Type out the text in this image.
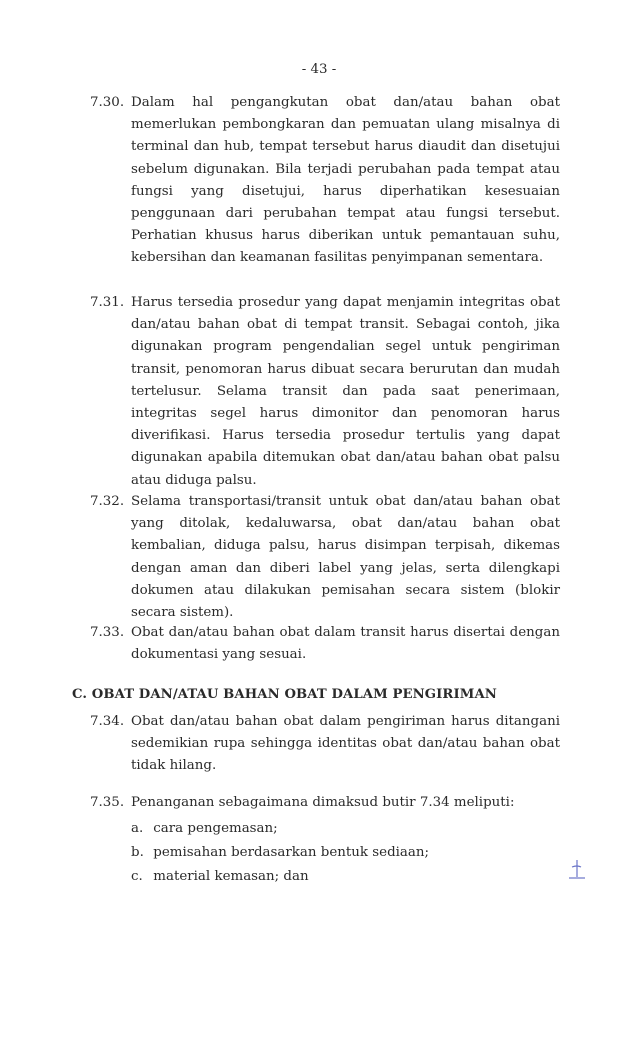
- 43 -
7.30. Dalam hal pengangkutan obat dan/atau bahan obat memerlukan pembongkaran dan pemuatan ulang misalnya di terminal dan hub, tempat tersebut harus diaudit dan disetujui sebelum digunakan. Bila terjadi perubahan pada tempat atau fungsi yang disetujui, harus diperhatikan kesesuaian penggunaan dari perubahan tempat atau fungsi tersebut. Perhatian khusus harus diberikan untuk pemantauan suhu, kebersihan dan keamanan fasilitas penyimpanan sementara.
7.31. Harus tersedia prosedur yang dapat menjamin integritas obat dan/atau bahan obat di tempat transit. Sebagai contoh, jika digunakan program pengendalian segel untuk pengiriman transit, penomoran harus dibuat secara berurutan dan mudah tertelusur. Selama transit dan pada saat penerimaan, integritas segel harus dimonitor dan penomoran harus diverifikasi. Harus tersedia prosedur tertulis yang dapat digunakan apabila ditemukan obat dan/atau bahan obat palsu atau diduga palsu.
7.32. Selama transportasi/transit untuk obat dan/atau bahan obat yang ditolak, kedaluwarsa, obat dan/atau bahan obat kembalian, diduga palsu, harus disimpan terpisah, dikemas dengan aman dan diberi label yang jelas, serta dilengkapi dokumen atau dilakukan pemisahan secara sistem (blokir secara sistem).
7.33. Obat dan/atau bahan obat dalam transit harus disertai dengan dokumentasi yang sesuai.
C. OBAT DAN/ATAU BAHAN OBAT DALAM PENGIRIMAN
7.34. Obat dan/atau bahan obat dalam pengiriman harus ditangani sedemikian rupa sehingga identitas obat dan/atau bahan obat tidak hilang.
7.35. Penanganan sebagaimana dimaksud butir 7.34 meliputi:
a. cara pengemasan;
b. pemisahan berdasarkan bentuk sediaan;
c. material kemasan; dan
